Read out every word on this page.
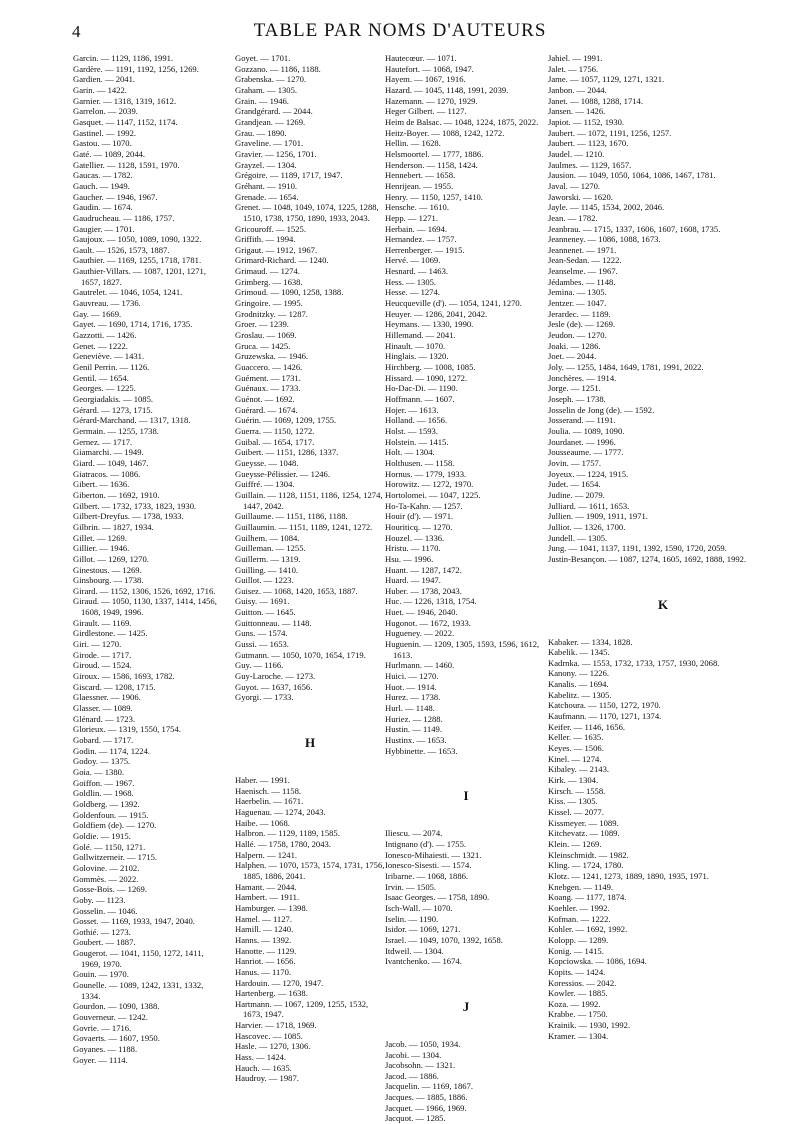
4	TABLE PAR NOMS D'AUTEURS
Garcin. — 1129, 1186, 1991.
Gardère. — 1191, 1192, 1256, 1269.
Gardien. — 2041.
Garin. — 1422.
Garnier. — 1318, 1319, 1612.
Garrelon. — 2039.
Gasquet. — 1147, 1152, 1174.
Gastinel. — 1992.
Gastou. — 1070.
Gaté. — 1089, 2044.
Gatellier. — 1128, 1591, 1970.
Gaucas. — 1782.
Gauch. — 1949.
Gaucher. — 1946, 1967.
Gaudin. — 1674.
Gaudrucheau. — 1186, 1757.
Gaugier. — 1701.
Gaujoux. — 1050, 1089, 1090, 1322.
Gault. — 1526, 1573, 1887.
Gauthier. — 1169, 1255, 1718, 1781.
Gauthier-Villars. — 1087, 1201, 1271, 1657, 1827.
Gautrelet. — 1046, 1054, 1241.
Gauvreau. — 1736.
Gay. — 1669.
Gayet. — 1690, 1714, 1716, 1735.
Gazzotti. — 1426.
Genet. — 1222.
Geneviève. — 1431.
Genil Perrin. — 1126.
Gentil. — 1654.
Georges. — 1225.
Georgiadakis. — 1085.
Gérard. — 1273, 1715.
Gérard-Marchand. — 1317, 1318.
Germain. — 1255, 1738.
Gernez. — 1717.
Giamarchi. — 1949.
Giard. — 1049, 1467.
Giatracos. — 1086.
Gibert. — 1636.
Giberton. — 1692, 1910.
Gilbert. — 1732, 1733, 1823, 1930.
Gilbert-Dreyfus. — 1738, 1933.
Gilbrin. — 1827, 1934.
Gillet. — 1269.
Gillier. — 1946.
Gillot. — 1269, 1270.
Ginestous. — 1269.
Ginsbourg. — 1738.
Girard. — 1152, 1306, 1526, 1692, 1716.
Giraud. — 1050, 1130, 1337, 1414, 1456, 1608, 1949, 1996.
Girault. — 1169.
Girdlestone. — 1425.
Giri. — 1270.
Girode. — 1717.
Giroud. — 1524.
Giroux. — 1586, 1693, 1782.
Giscard. — 1208, 1715.
Glaessner. — 1906.
Glasser. — 1089.
Glénard. — 1723.
Glorieux. — 1319, 1550, 1754.
Gobard. — 1717.
Godin. — 1174, 1224.
Godoy. — 1375.
Goia. — 1380.
Goiffon. — 1967.
Goldlin. — 1968.
Goldberg. — 1392.
Goldenfoun. — 1915.
Goldfiem (de). — 1270.
Goldie. — 1915.
Golé. — 1150, 1271.
Gollwitzerneir. — 1715.
Golovine. — 2102.
Gommès. — 2022.
Gosse-Bois. — 1269.
Goby. — 1123.
Gosselin. — 1046.
Gosset. — 1169, 1933, 1947, 2040.
Gothié. — 1273.
Goubert. — 1887.
Gougerot. — 1041, 1150, 1272, 1411, 1969, 1970.
Gouin. — 1970.
Gounelle. — 1089, 1242, 1331, 1332, 1334.
Gourdon. — 1090, 1388.
Gouverneur. — 1242.
Govrie. — 1716.
Govaerts. — 1607, 1950.
Goyanes. — 1188.
Goyer. — 1114.
Goyet. — 1701.
Gozzano. — 1186, 1188.
Grabenska. — 1270.
Graham. — 1305.
Grain. — 1946.
Grandgérard. — 2044.
Grandjean. — 1269.
Grau. — 1890.
Graveline. — 1701.
Gravier. — 1256, 1701.
Grayzel. — 1304.
Grégoire. — 1189, 1717, 1947.
Gréhant. — 1910.
Grenade. — 1654.
Grenet. — 1048, 1049, 1074, 1225, 1288, 1510, 1738, 1750, 1890, 1933, 2043.
Gricouroff. — 1525.
Griffith. — 1994.
Grigaut. — 1912, 1967.
Grimard-Richard. — 1240.
Grimaud. — 1274.
Grimberg. — 1638.
Grimoud. — 1090, 1258, 1388.
Gringoire. — 1995.
Grodnitzky. — 1287.
Groer. — 1239.
Groslau. — 1069.
Gruca. — 1425.
Gruzewska. — 1946.
Guaccero. — 1426.
Guément. — 1731.
Guénaux. — 1733.
Guénot. — 1692.
Guérard. — 1674.
Guérin. — 1069, 1209, 1755.
Guerra. — 1150, 1272.
Guibal. — 1654, 1717.
Guibert. — 1151, 1286, 1337.
Gueysse. — 1048.
Gueysse-Pélissier. — 1246.
Guiffré. — 1304.
Guillain. — 1128, 1151, 1186, 1254, 1274, 1447, 2042.
Guillaume. — 1151, 1186, 1188.
Guillaumin. — 1151, 1189, 1241, 1272.
Guilhem. — 1084.
Guilleman. — 1255.
Guillerm. — 1319.
Guilling. — 1410.
Guillot. — 1223.
Guisez. — 1068, 1420, 1653, 1887.
Guisy. — 1691.
Guitton. — 1645.
Guittonneau. — 1148.
Guns. — 1574.
Gussi. — 1653.
Gutmann. — 1050, 1070, 1654, 1719.
Guy. — 1166.
Guy-Laroche. — 1273.
Guyot. — 1637, 1656.
Gyorgi. — 1733.
H
Haber. — 1991.
Haenisch. — 1158.
Haerbelin. — 1671.
Haguenau. — 1274, 2043.
Haibe. — 1068.
Halbron. — 1129, 1189, 1585.
Hallé. — 1758, 1780, 2043.
Halpern. — 1241.
Halphen. — 1070, 1573, 1574, 1731, 1756, 1885, 1886, 2041.
Hamant. — 2044.
Hambert. — 1911.
Hamburger. — 1398.
Hamel. — 1127.
Hamill. — 1240.
Hanns. — 1392.
Hanotte. — 1129.
Hanriot. — 1656.
Hanus. — 1170.
Hardouin. — 1270, 1947.
Hartenberg. — 1638.
Hartmann. — 1067, 1209, 1255, 1532, 1673, 1947.
Harvier. — 1718, 1969.
Hascovec. — 1085.
Hasle. — 1270, 1306.
Hass. — 1424.
Hauch. — 1635.
Haudroy. — 1987.
Hautecœur. — 1071.
Hautefort. — 1068, 1947.
Hayem. — 1067, 1916.
Hazard. — 1045, 1148, 1991, 2039.
Hazemann. — 1270, 1929.
Heger Gilbert. — 1127.
Heim de Balsac. — 1048, 1224, 1875, 2022.
Heitz-Boyer. — 1088, 1242, 1272.
Hellin. — 1628.
Helsmoortel. — 1777, 1886.
Henderson. — 1158, 1424.
Hennebert. — 1658.
Henrijean. — 1955.
Henry. — 1150, 1257, 1410.
Hensche. — 1610.
Hepp. — 1271.
Herbain. — 1694.
Hernandez. — 1757.
Herrenberger. — 1915.
Hervé. — 1069.
Hesnard. — 1463.
Hess. — 1305.
Hesse. — 1274.
Heucqueville (d'). — 1054, 1241, 1270.
Heuyer. — 1286, 2041, 2042.
Heymans. — 1330, 1990.
Hillemand. — 2041.
Hinault. — 1070.
Hinglais. — 1320.
Hirchberg. — 1008, 1085.
Hissard. — 1090, 1272.
Ho-Dac-Di. — 1190.
Hoffmann. — 1607.
Hojer. — 1613.
Holland. — 1656.
Holst. — 1593.
Holstein. — 1415.
Holt. — 1304.
Holthusen. — 1158.
Hornus. — 1779, 1933.
Horowitz. — 1272, 1970.
Hortolomei. — 1047, 1225.
Ho-Ta-Kahn. — 1257.
Houir (d'). — 1971.
Houriticq. — 1270.
Houzel. — 1336.
Hristu. — 1170.
Hsu. — 1996.
Huant. — 1287, 1472.
Huard. — 1947.
Huber. — 1738, 2043.
Huc. — 1226, 1318, 1754.
Huet. — 1946, 2040.
Hugonot. — 1672, 1933.
Hugueney. — 2022.
Huguenin. — 1209, 1305, 1593, 1596, 1612, 1613.
Hurlmann. — 1460.
Huici. — 1270.
Huot. — 1914.
Hurez. — 1738.
Hurl. — 1148.
Huriez. — 1288.
Hustin. — 1149.
Hustinx. — 1653.
Hybbinette. — 1653.
I
Iliescu. — 2074.
Intignano (d'). — 1755.
Ionesco-Mihaiesti. — 1321.
Ionesco-Sisesti. — 1574.
Iribarne. — 1068, 1886.
Irvin. — 1505.
Isaac Georges. — 1758, 1890.
Isch-Wall. — 1070.
Iselin. — 1190.
Isidor. — 1069, 1271.
Israel. — 1049, 1070, 1392, 1658.
Itdweil. — 1304.
Ivantchenko. — 1674.
J
Jacob. — 1050, 1934.
Jacobi. — 1304.
Jacobsohn. — 1321.
Jacod. — 1886.
Jacquelin. — 1169, 1867.
Jacques. — 1885, 1886.
Jacquet. — 1966, 1969.
Jacquot. — 1285.
Jahiel. — 1991.
Jalet. — 1756.
Jame. — 1057, 1129, 1271, 1321.
Janbon. — 2044.
Janet. — 1088, 1288, 1714.
Jansen. — 1426.
Japiot. — 1152, 1930.
Jaubert. — 1072, 1191, 1256, 1257.
Jaubert. — 1123, 1670.
Jaudel. — 1210.
Jaulmes. — 1129, 1657.
Jausion. — 1049, 1050, 1064, 1086, 1467, 1781.
Javal. — 1270.
Jaworski. — 1620.
Jayle. — 1145, 1534, 2002, 2046.
Jean. — 1782.
Jeanbrau. — 1715, 1337, 1606, 1607, 1608, 1735.
Jeanneney. — 1086, 1088, 1673.
Jeannenet. — 1971.
Jean-Sedan. — 1222.
Jeanselme. — 1967.
Jédambes. — 1148.
Jemina. — 1305.
Jentzer. — 1047.
Jerardec. — 1189.
Jesle (de). — 1269.
Jeudon. — 1270.
Joaki. — 1286.
Joet. — 2044.
Joly. — 1255, 1484, 1649, 1781, 1991, 2022.
Jonchères. — 1914.
Jorge. — 1251.
Joseph. — 1738.
Josselin de Jong (de). — 1592.
Josserand. — 1191.
Joulia. — 1089, 1090.
Jourdanet. — 1996.
Jousseaume. — 1777.
Jovin. — 1757.
Joyeux. — 1224, 1915.
Judet. — 1654.
Judine. — 2079.
Julliard. — 1611, 1653.
Jullien. — 1909, 1911, 1971.
Julliot. — 1326, 1700.
Jundell. — 1305.
Jung. — 1041, 1137, 1191, 1392, 1590, 1720, 2059.
Justin-Besançon. — 1087, 1274, 1605, 1692, 1888, 1992.
K
Kabaker. — 1334, 1828.
Kabelik. — 1345.
Kadrnka. — 1553, 1732, 1733, 1757, 1930, 2068.
Kanony. — 1226.
Kanalis. — 1694.
Kabelitz. — 1305.
Katchoura. — 1150, 1272, 1970.
Kaufmann. — 1170, 1271, 1374.
Keifer. — 1146, 1656.
Keller. — 1635.
Keyes. — 1506.
Kinel. — 1274.
Kibaley. — 2143.
Kirk. — 1304.
Kirsch. — 1558.
Kiss. — 1305.
Kissel. — 2077.
Kissmeyer. — 1089.
Kitchevatz. — 1089.
Klein. — 1269.
Kleinschmidt. — 1982.
Kling. — 1724, 1780.
Klotz. — 1241, 1273, 1889, 1890, 1935, 1971.
Knebgen. — 1149.
Koang. — 1177, 1874.
Koehler. — 1992.
Kofman. — 1222.
Kohler. — 1692, 1992.
Kolopp. — 1289.
Konig. — 1415.
Kopciowska. — 1086, 1694.
Kopits. — 1424.
Koressios. — 2042.
Kowler. — 1885.
Koza. — 1992.
Krabbe. — 1750.
Krainik. — 1930, 1992.
Kramer. — 1304.
